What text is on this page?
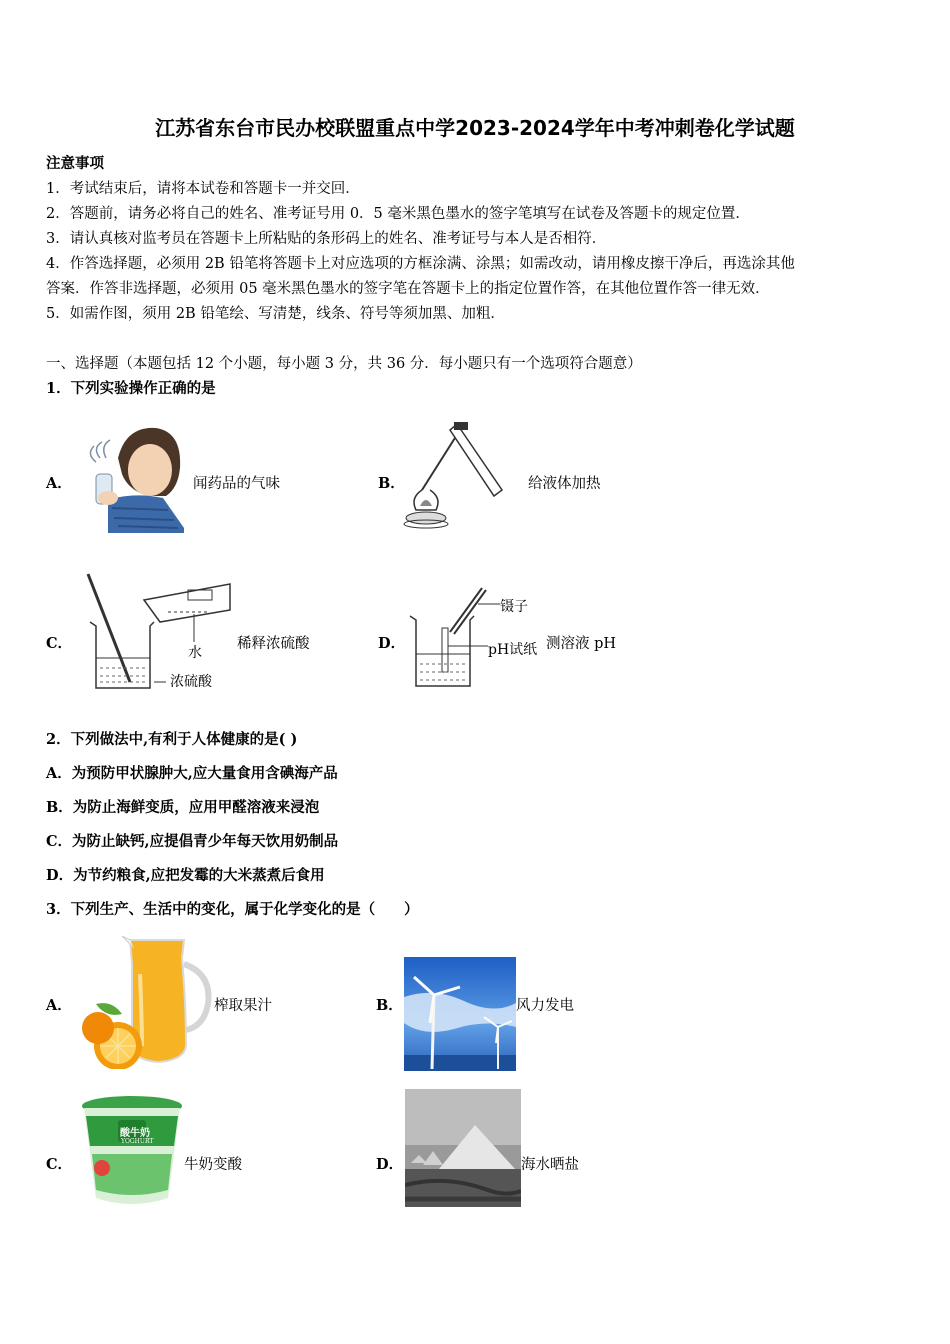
江苏省东台市民办校联盟重点中学2023-2024学年中考冲刺卷化学试题
注意事项
1．考试结束后，请将本试卷和答题卡一并交回．
2．答题前，请务必将自己的姓名、准考证号用 0．5 毫米黑色墨水的签字笔填写在试卷及答题卡的规定位置．
3．请认真核对监考员在答题卡上所粘贴的条形码上的姓名、准考证号与本人是否相符．
4．作答选择题，必须用 2B 铅笔将答题卡上对应选项的方框涂满、涂黑；如需改动，请用橡皮擦干净后，再选涂其他
答案．作答非选择题，必须用 05 毫米黑色墨水的签字笔在答题卡上的指定位置作答，在其他位置作答一律无效．
5．如需作图，须用 2B 铅笔绘、写清楚，线条、符号等须加黑、加粗．
一、选择题（本题包括 12 个小题，每小题 3 分，共 36 分．每小题只有一个选项符合题意）
1．下列实验操作正确的是
A．	闻药品的气味	B．	给液体加热
C．
水
浓硫酸
稀释浓硫酸	D．
镊子
pH试纸 测溶液 pH
2．下列做法中,有利于人体健康的是( )
A．为预防甲状腺肿大,应大量食用含碘海产品
B．为防止海鲜变质，应用甲醛溶液来浸泡
C．为防止缺钙,应提倡青少年每天饮用奶制品
D．为节约粮食,应把发霉的大米蒸煮后食用
3．下列生产、生活中的变化，属于化学变化的是（　　）
A．	榨取果汁	B．	风力发电
C．
酸牛奶
YOGHURT
牛奶变酸	D．	海水晒盐
